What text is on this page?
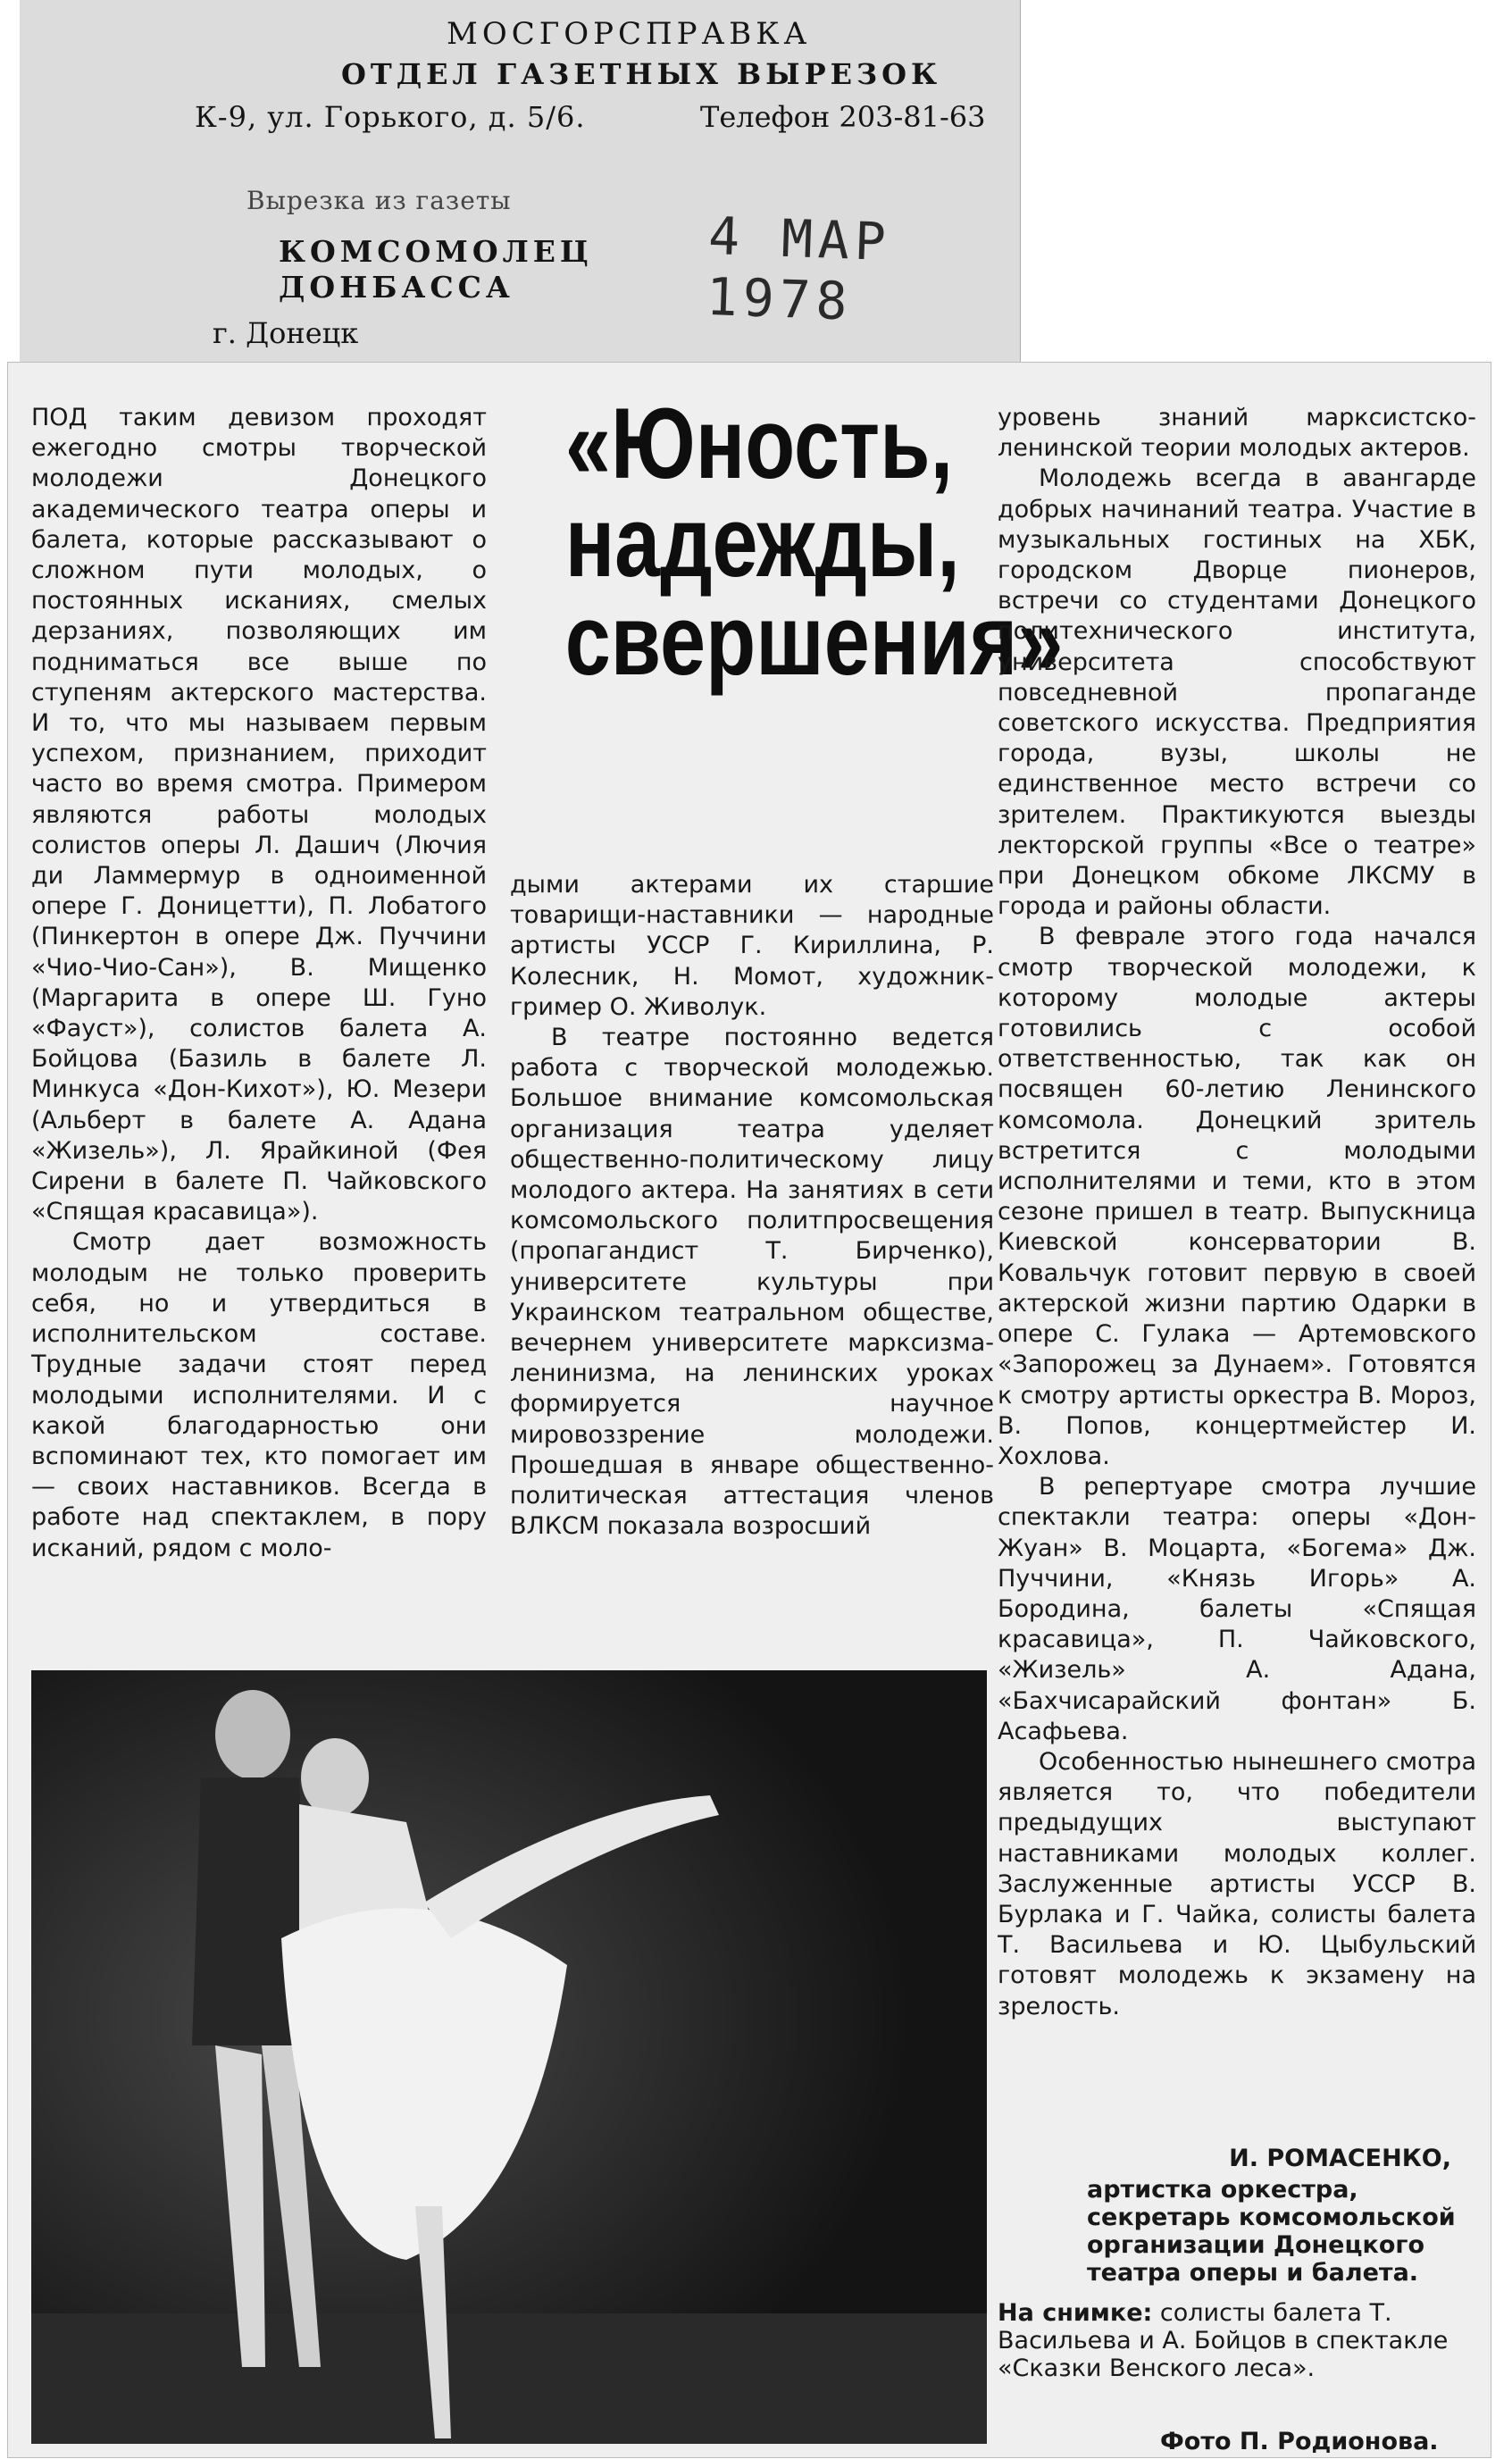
МОСГОРСПРАВКА
ОТДЕЛ ГАЗЕТНЫХ ВЫРЕЗОК
К-9, ул. Горького, д. 5/6.	Телефон 203-81-63
Вырезка из газеты
КОМСОМОЛЕЦ
ДОНБАССА
г. Донецк
4 МАР 1978

ПОД таким девизом проходят ежегодно смотры творческой молодежи Донецкого академического театра оперы и балета, которые рассказывают о сложном пути молодых, о постоянных исканиях, смелых дерзаниях, позволяющих им подниматься все выше по ступеням актерского мастерства. И то, что мы называем первым успехом, признанием, приходит часто во время смотра. Примером являются работы молодых солистов оперы Л. Дашич (Лючия ди Ламмермур в одноименной опере Г. Доницетти), П. Лобатого (Пинкертон в опере Дж. Пуччини «Чио-Чио-Сан»), В. Мищенко (Маргарита в опере Ш. Гуно «Фауст»), солистов балета А. Бойцова (Базиль в балете Л. Минкуса «Дон-Кихот»), Ю. Мезери (Альберт в балете А. Адана «Жизель»), Л. Ярайкиной (Фея Сирени в балете П. Чайковского «Спящая красавица»).

Смотр дает возможность молодым не только проверить себя, но и утвердиться в исполнительском составе. Трудные задачи стоят перед молодыми исполнителями. И с какой благодарностью они вспоминают тех, кто помогает им — своих наставников. Всегда в работе над спектаклем, в пору исканий, рядом с моло-

«Юность,
надежды,
свершения»

дыми актерами их старшие товарищи-наставники — народные артисты УССР Г. Кириллина, Р. Колесник, Н. Момот, художник-гример О. Живолук.

В театре постоянно ведется работа с творческой молодежью. Большое внимание комсомольская организация театра уделяет общественно-политическому лицу молодого актера. На занятиях в сети комсомольского политпросвещения (пропагандист Т. Бирченко), университете культуры при Украинском театральном обществе, вечернем университете марксизма-ленинизма, на ленинских уроках формируется научное мировоззрение молодежи. Прошедшая в январе общественно-политическая аттестация членов ВЛКСМ показала возросший

уровень знаний марксистско-ленинской теории молодых актеров.

Молодежь всегда в авангарде добрых начинаний театра. Участие в музыкальных гостиных на ХБК, городском Дворце пионеров, встречи со студентами Донецкого политехнического института, университета способствуют повседневной пропаганде советского искусства. Предприятия города, вузы, школы не единственное место встречи со зрителем. Практикуются выезды лекторской группы «Все о театре» при Донецком обкоме ЛКСМУ в города и районы области.

В феврале этого года начался смотр творческой молодежи, к которому молодые актеры готовились с особой ответственностью, так как он посвящен 60-летию Ленинского комсомола. Донецкий зритель встретится с молодыми исполнителями и теми, кто в этом сезоне пришел в театр. Выпускница Киевской консерватории В. Ковальчук готовит первую в своей актерской жизни партию Одарки в опере С. Гулака — Артемовского «Запорожец за Дунаем». Готовятся к смотру артисты оркестра В. Мороз, В. Попов, концертмейстер И. Хохлова.

В репертуаре смотра лучшие спектакли театра: оперы «Дон-Жуан» В. Моцарта, «Богема» Дж. Пуччини, «Князь Игорь» А. Бородина, балеты «Спящая красавица», П. Чайковского, «Жизель» А. Адана, «Бахчисарайский фонтан» Б. Асафьева.

Особенностью нынешнего смотра является то, что победители предыдущих выступают наставниками молодых коллег. Заслуженные артисты УССР В. Бурлака и Г. Чайка, солисты балета Т. Васильева и Ю. Цыбульский готовят молодежь к экзамену на зрелость.

И. РОМАСЕНКО,
артистка оркестра, секретарь комсомольской организации Донецкого театра оперы и балета.
На снимке: солисты балета Т. Васильева и А. Бойцов в спектакле «Сказки Венского леса».
Фото П. Родионова.
